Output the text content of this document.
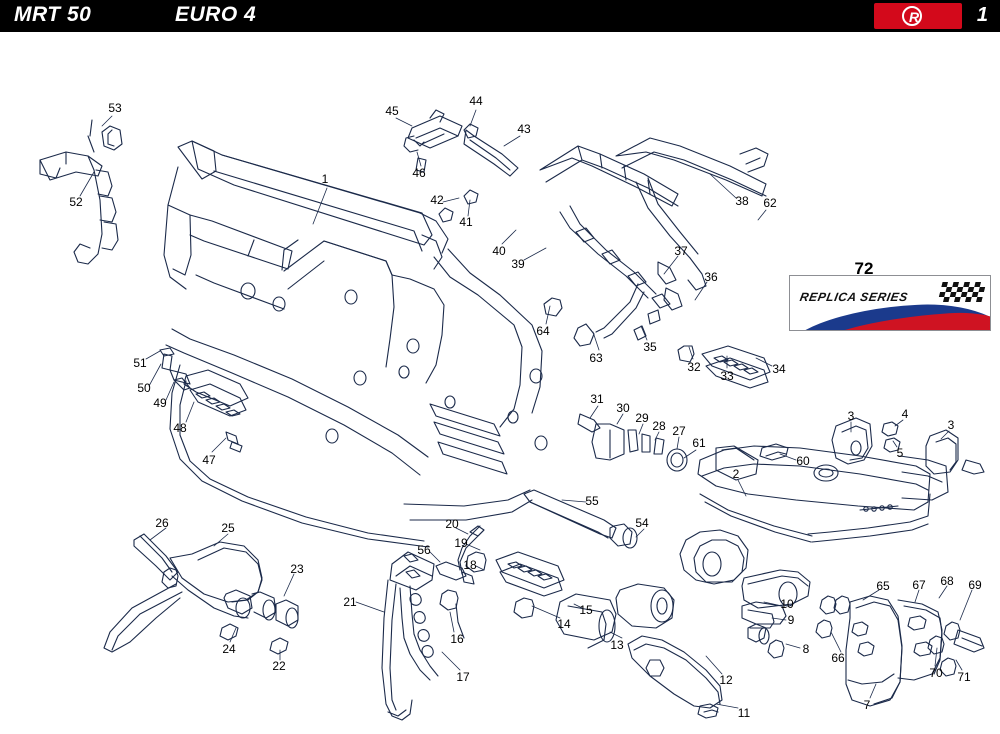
MRT 50	EURO 4	R	1
REPLICA SERIES
53
52
45
44
43
46
42
41
40
39
1
38 62
37
36	72
64
63
35
34
33
32
51
50
49
48
47
31
30
29
28 27
61
60
3	4
3
5
2
55
54
20
19
56
18
26	25
23
24
22
21
16
17
15
14
13
12
11
10
9
8
65 67 68 69
66
7
70 71
